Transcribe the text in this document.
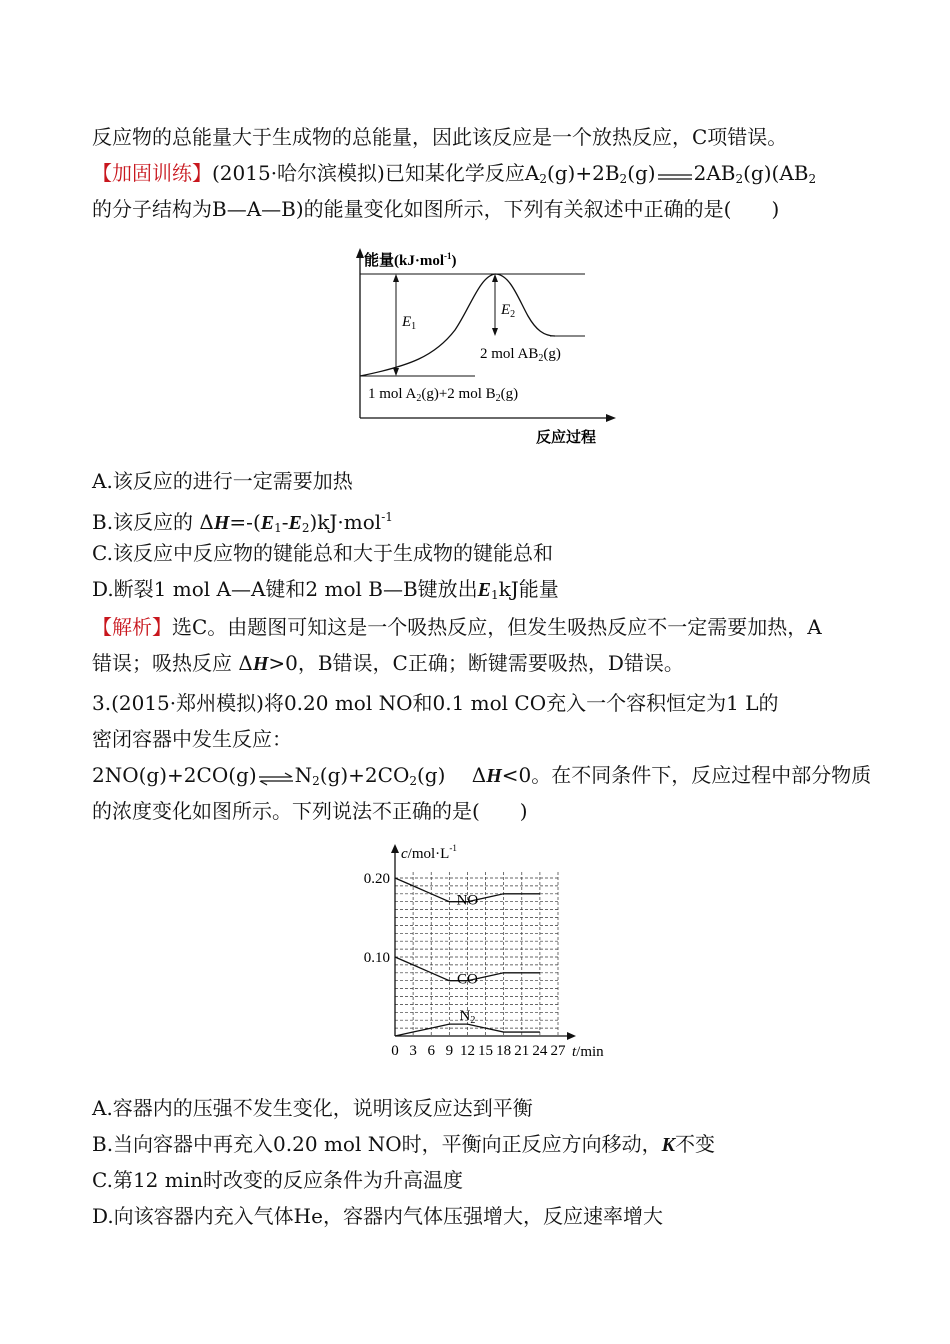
反应物的总能量大于生成物的总能量，因此该反应是一个放热反应，C项错误。
【加固训练】(2015·哈尔滨模拟)已知某化学反应$A_2(g)+2B_2(g)$ $2AB_2(g)(AB_2$
的分子结构为B—A—B)的能量变化如图所示，下列有关叙述中正确的是(　　)
能量(kJ·mol$^{-1}$)
$E_1$
$E_2$
2 mol $AB_2(g)$
1 mol $A_2(g)+2$ mol $B_2(g)$
反应过程
A.该反应的进行一定需要加热
B.该反应的 $\Delta H=-(E_1-E_2)kJ\cdot mol^{-1}$
C.该反应中反应物的键能总和大于生成物的键能总和
D.断裂1 mol A—A键和2 mol B—B键放出$E_1kJ$能量
【解析】选C。由题图可知这是一个吸热反应，但发生吸热反应不一定需要加热，A
错误；吸热反应 ΔH>0，B错误，C正确；断键需要吸热，D错误。
3.(2015·郑州模拟)将0.20 mol NO和0.1 mol CO充入一个容积恒定为1 L的
密闭容器中发生反应：
$2NO(g)+2CO(g)\rightleftharpoons N_2(g)+2CO_2(g)$　 ΔH<0。在不同条件下，反应过程中部分物质
的浓度变化如图所示。下列说法不正确的是(　　)
$c/mol\cdot L^{-1}$
0.20
0.10
0 3 6 9 12 15 18 21 24 27 t/min
NO
CO
$N_2$
A.容器内的压强不发生变化，说明该反应达到平衡
B.当向容器中再充入0.20 mol NO时，平衡向正反应方向移动，K不变
C.第12 min时改变的反应条件为升高温度
D.向该容器内充入气体He，容器内气体压强增大，反应速率增大
